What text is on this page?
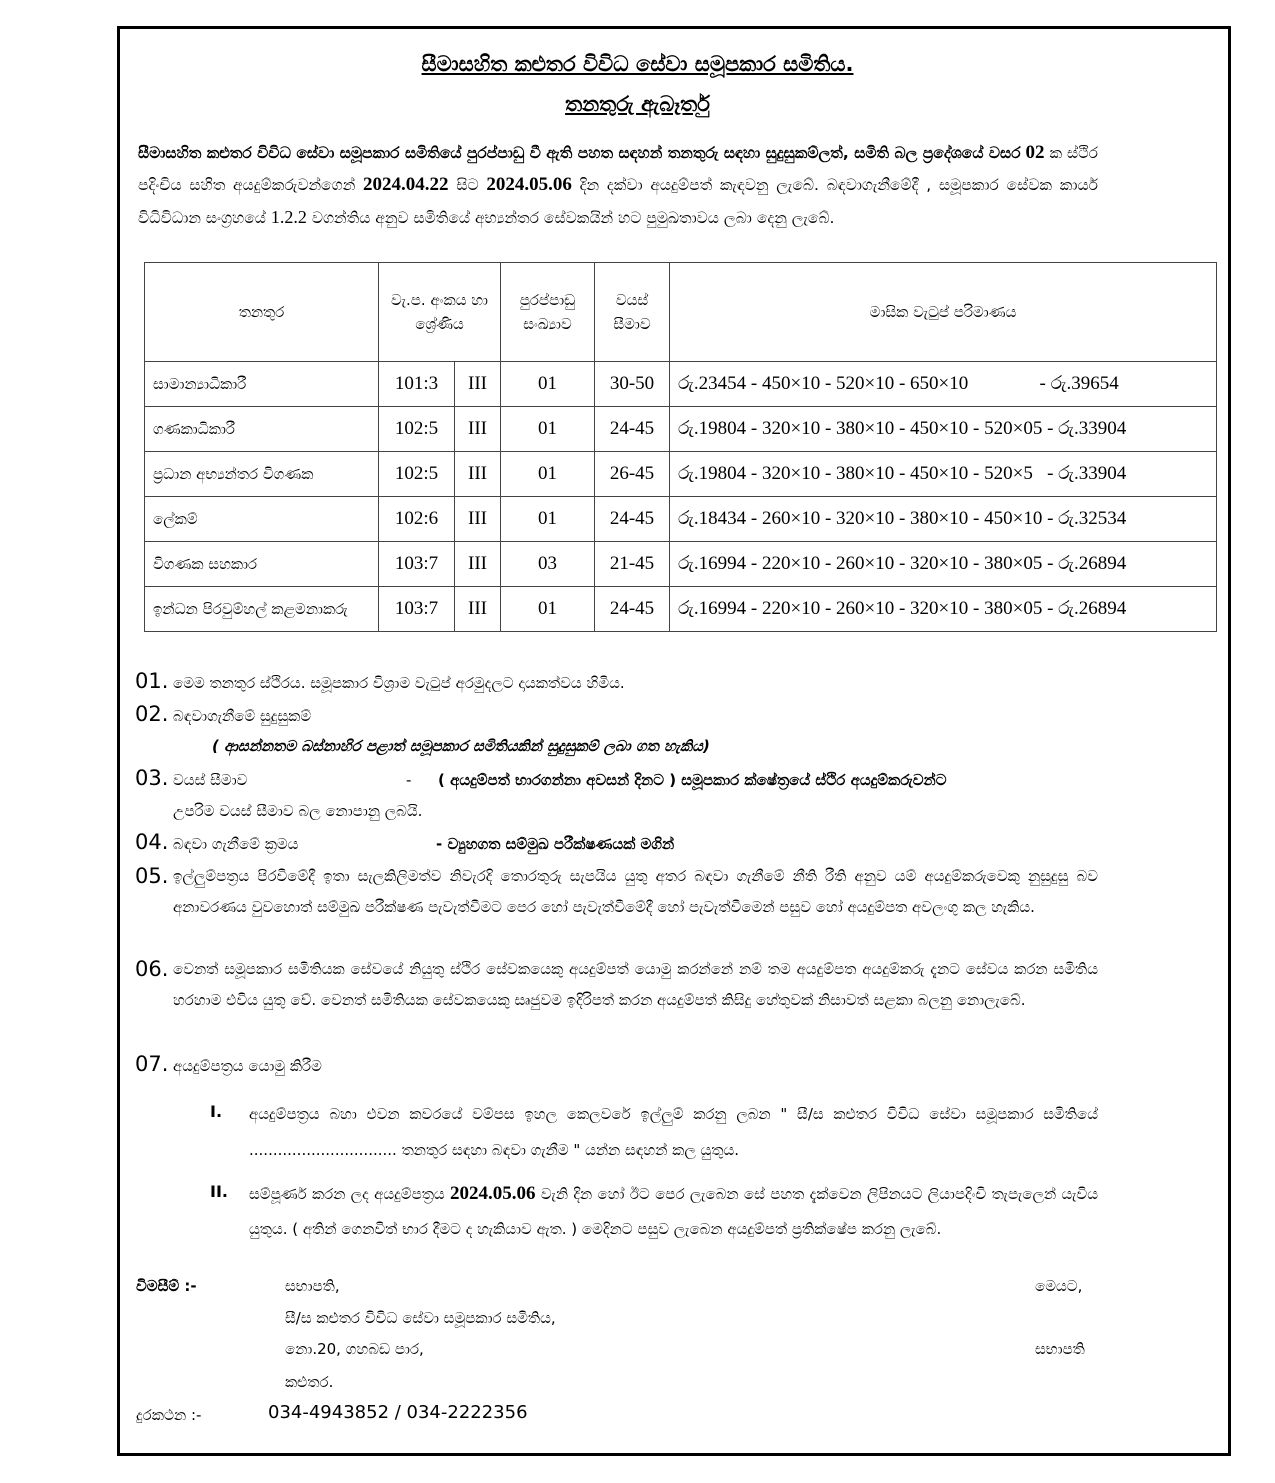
සීමාසහිත කළුතර විවිධ සේවා සමූපකාර සමිතිය.
තනතුරු ඇබෑර්තු

සීමාසහිත කළුතර විවිධ සේවා සමූපකාර සමිතියේ පුරප්පාඩු වී ඇති පහත සඳහන් තනතුරු සඳහා සුදුසුකම්ලත්, සමිති බල ප්‍රදේශයේ වසර 02 ක ස්ථිර පදිංචිය සහිත අයදුම්කරුවන්ගෙන් 2024.04.22 සිට 2024.05.06 දින දක්වා අයදුම්පත් කැඳවනු ලැබේ. බඳවාගැනීමේදී , සමූපකාර සේවක කාර්ය විධිවිධාන සංග්‍රහයේ 1.2.2 වගන්තිය අනුව සමිතියේ අභ්‍යන්තර සේවකයින් හට පුමුඛතාවය ලබා දෙනු ලැබේ.

තනතුර	වැ.ප. අංකය හා ශ්‍රේණිය		පුරප්පාඩු සංඛ්‍යාව	වයස් සීමාව	මාසික වැටුප් පරිමාණය
සාමාන්‍යාධිකාරී	101:3	III	01	30-50	රු.23454 - 450×10 - 520×10 - 650×10               - රු.39654
ගණකාධිකාරී	102:5	III	01	24-45	රු.19804 - 320×10 - 380×10 - 450×10 - 520×05 - රු.33904
ප්‍රධාන අභ්‍යන්තර විගණක	102:5	III	01	26-45	රු.19804 - 320×10 - 380×10 - 450×10 - 520×5   - රු.33904
ලේකම්	102:6	III	01	24-45	රු.18434 - 260×10 - 320×10 - 380×10 - 450×10 - රු.32534
විගණක සහකාර	103:7	III	03	21-45	රු.16994 - 220×10 - 260×10 - 320×10 - 380×05 - රු.26894
ඉන්ධන පිරවුම්හල් කළමනාකරු	103:7	III	01	24-45	රු.16994 - 220×10 - 260×10 - 320×10 - 380×05 - රු.26894
01. මෙම තනතුර ස්ථිරය. සමූපකාර විශ්‍රාම වැටුප් අරමුදලට දායකත්වය හිමිය.
02. බඳවාගැනීමේ සුදුසුකම්
( ආසන්නතම බස්නාහිර පළාත් සමූපකාර සමිතියකින් සුදුසුකම් ලබා ගත හැකිය)
03. වයස් සීමාව	- ( අයදුම්පත් භාරගන්නා අවසන් දිනට ) සමූපකාර ක්ෂේත්‍රයේ ස්ථිර අයදුම්කරුවන්ට
උපරිම වයස් සීමාව බල නොපානු ලබයි.
04. බඳවා ගැනීමේ ක්‍රමය	- ව්‍යුහගත සම්මුඛ පරීක්ෂණයක් මගින්
05. ඉල්ලුම්පත්‍රය පිරවීමේදී ඉතා සැලකිලිමත්ව නිවැරදි තොරතුරු සැපයිය යුතු අතර බඳවා ගැනීමේ නීති රීති අනුව යම් අයදුම්කරුවෙකු නුසුදුසු බව අනාවරණය වුවහොත් සම්මුඛ පරීක්ෂණ පැවැත්වීමට පෙර හෝ පැවැත්වීමේදී හෝ පැවැත්වීමෙන් පසුව හෝ අයදුම්පත අවලංගු කල හැකිය.

06. වෙනත් සමූපකාර සමිතියක සේවයේ නියුතු ස්ථිර සේවකයෙකු අයදුම්පත් යොමු කරන්නේ නම් තම අයදුම්පත අයදුම්කරු දැනට සේවය කරන සමිතිය හරහාම එවිය යුතු වේ. වෙනත් සමිතියක සේවකයෙකු සෘජුවම ඉදිරිපත් කරන අයදුම්පත් කිසිදු හේතුවක් නිසාවත් සළකා බලනු නොලැබේ.

07. අයදුම්පත්‍රය යොමු කිරීම
I. අයදුම්පත්‍රය බහා එවන කවරයේ වම්පස ඉහල කෙලවරේ ඉල්ලුම් කරනු ලබන " සී/ස කළුතර විවිධ සේවා සමූපකාර සමිතියේ ............................... තනතුර සඳහා බඳවා ගැනීම " යන්න සඳහන් කල යුතුය.

II. සම්පූර්ණ කරන ලද අයදුම්පත්‍රය 2024.05.06 වැනි දින හෝ ඊට පෙර ලැබෙන සේ පහත දැක්වෙන ලිපිනයට ලියාපදිංචි තැපැලෙන් යැවිය යුතුය. ( අතින් ගෙනවිත් භාර දීමට ද හැකියාව ඇත. ) මෙදිනට පසුව ලැබෙන අයදුම්පත් ප්‍රතික්ෂේප කරනු ලැබේ.

විමසීම් :-	සභාපති,
සී/ස කළුතර විවිධ සේවා සමූපකාර සමිතිය,
නො.20, ගහබඩ පාර,
කළුතර.
මෙයට,
සභාපති
දුරකථන :-	034-4943852 / 034-2222356
